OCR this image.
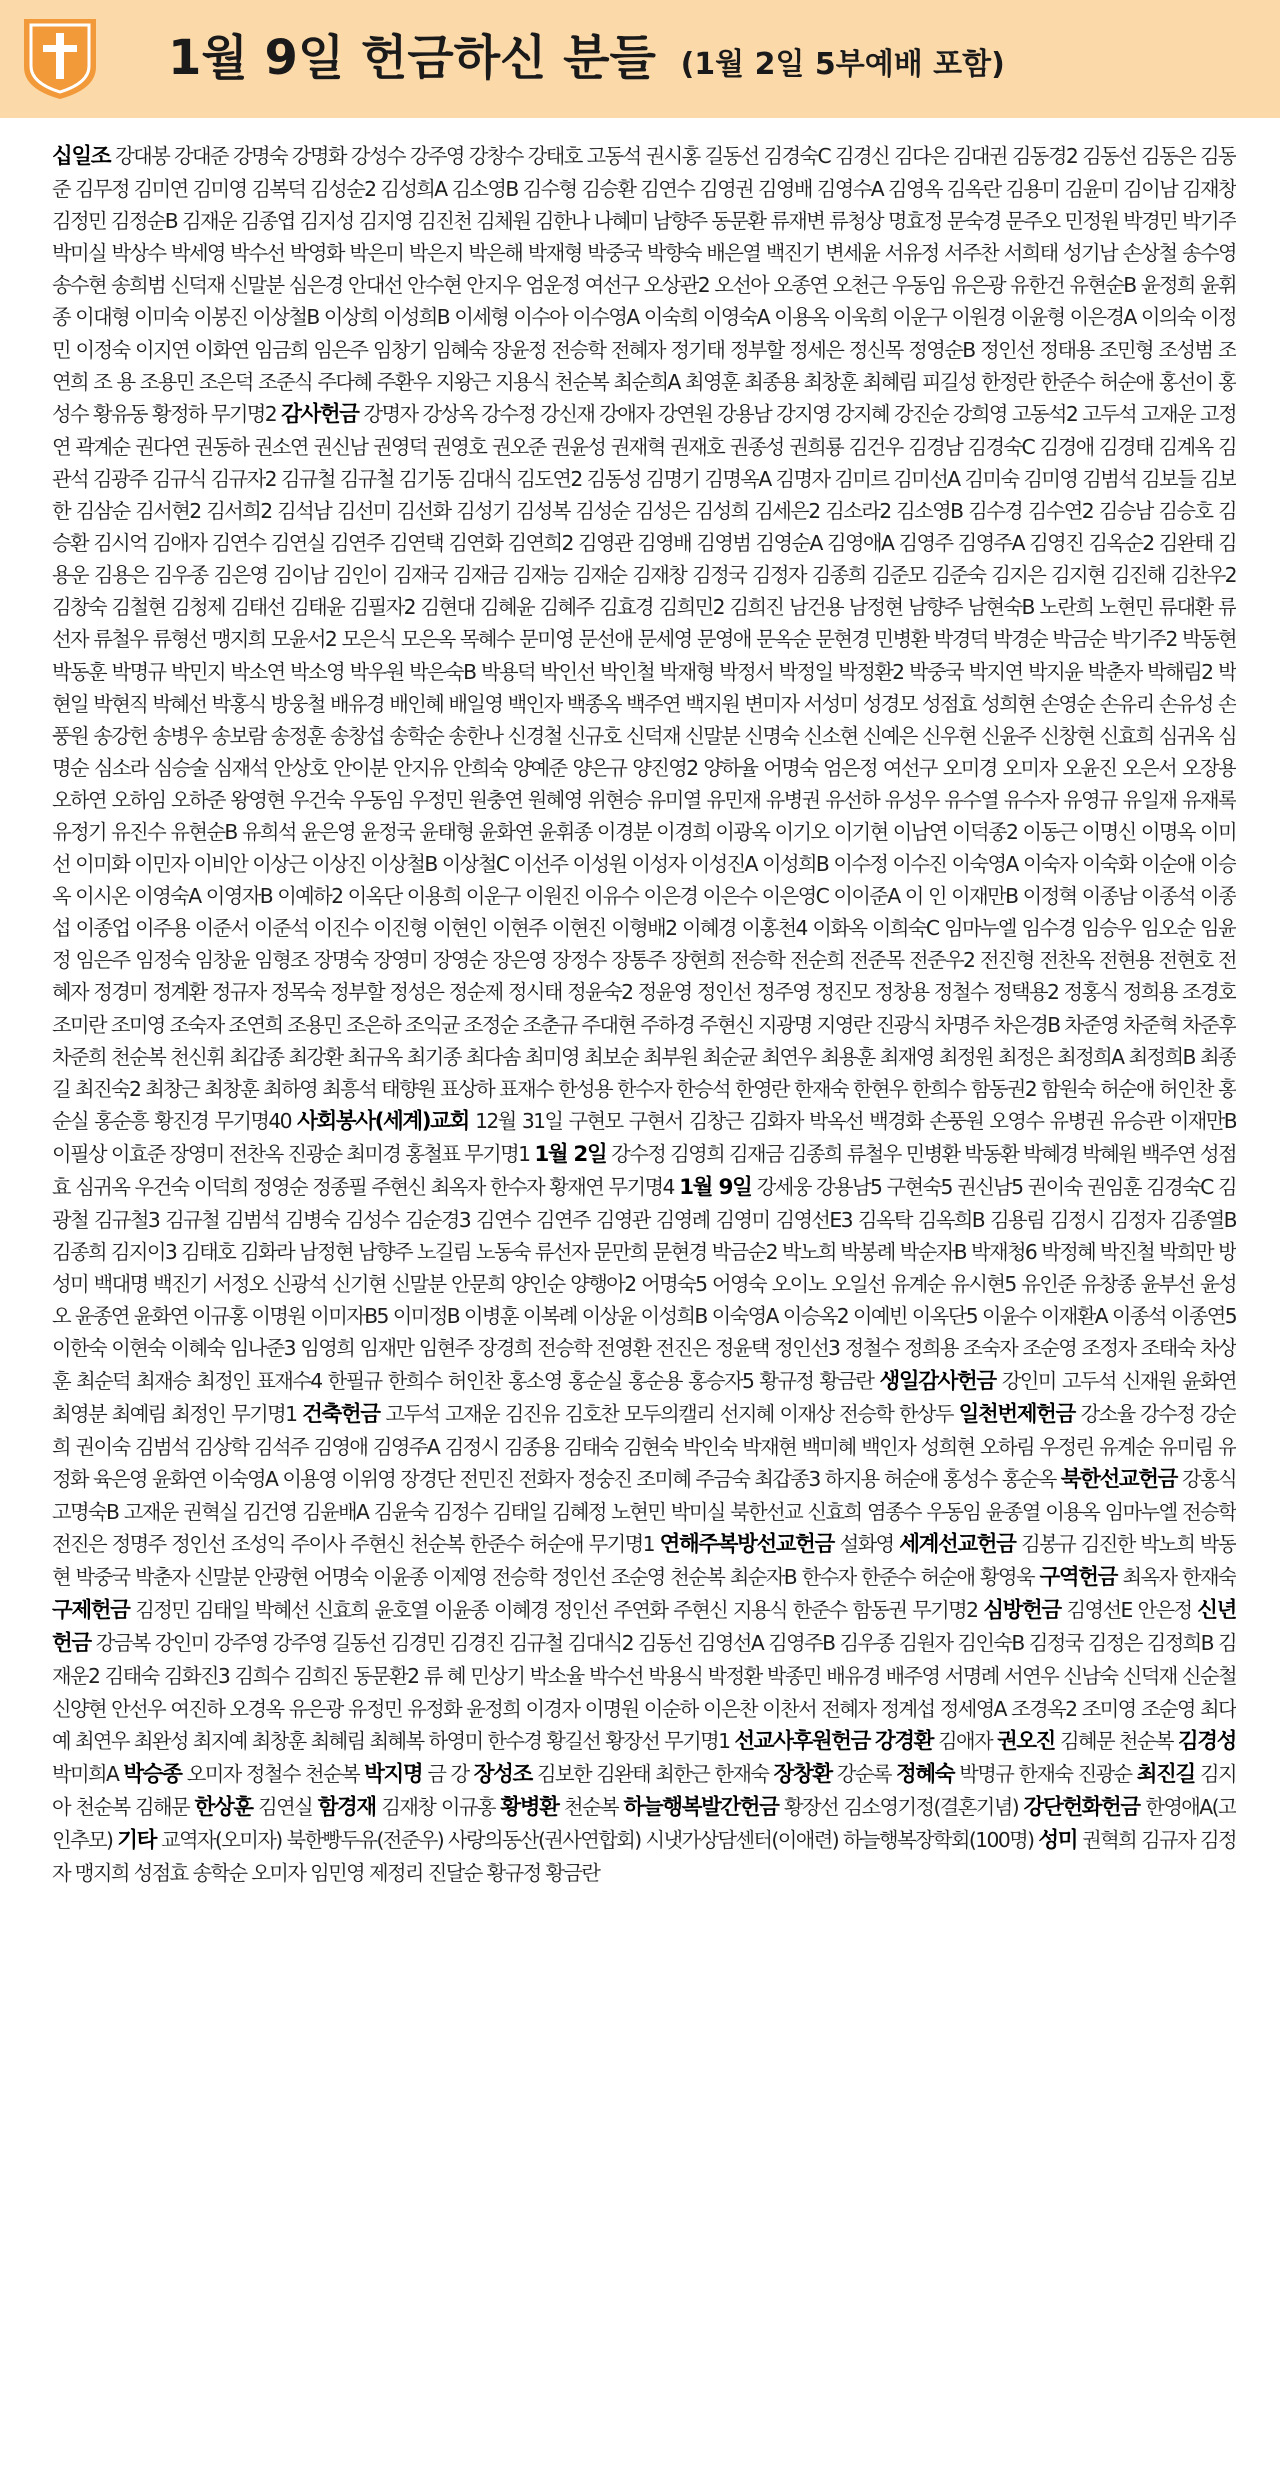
1월 9일 헌금하신 분들 (1월 2일 5부예배 포함)
십일조 강대봉 강대준 강명숙 강명화 강성수 강주영 강창수 강태호 고동석 권시홍 길동선 김경숙C 김경신 김다은 김대권 김동경2 김동선 김동은 김동준 김무정 김미연 김미영 김복덕 김성순2 김성희A 김소영B 김수형 김승환 김연수 김영권 김영배 김영수A 김영옥 김옥란 김용미 김윤미 김이남 김재창 김정민 김정순B 김재운 김종엽 김지성 김지영 김진천 김체원 김한나 나혜미 남향주 동문환 류재변 류청상 명효정 문숙경 문주오 민정원 박경민 박기주 박미실 박상수 박세영 박수선 박영화 박은미 박은지 박은해 박재형 박중국 박향숙 배은열 백진기 변세윤 서유정 서주찬 서희태 성기남 손상철 송수영 송수현 송희범 신덕재 신말분 심은경 안대선 안수현 안지우 엄운정 여선구 오상관2 오선아 오종연 오천근 우동임 유은광 유한건 유현순B 윤정희 윤휘종 이대형 이미숙 이봉진 이상철B 이상희 이성희B 이세형 이수아 이수영A 이숙희 이영숙A 이용옥 이욱희 이운구 이원경 이윤형 이은경A 이의숙 이정민 이정숙 이지연 이화연 임금희 임은주 임창기 임혜숙 장윤정 전승학 전혜자 정기태 정부할 정세은 정신목 정영순B 정인선 정태용 조민형 조성범 조연희 조 용 조용민 조은덕 조준식 주다혜 주환우 지왕근 지용식 천순복 최순희A 최영훈 최종용 최창훈 최혜림 피길성 한정란 한준수 허순애 홍선이 홍성수 황유동 황정하 무기명2 감사헌금 강명자 강상옥 강수정 강신재 강애자 강연원 강용남 강지영 강지혜 강진순 강희영 고동석2 고두석 고재운 고정연 곽계순 권다연 권동하 권소연 권신남 권영덕 권영호 권오준 권윤성 권재혁 권재호 권종성 권희룡 김건우 김경남 김경숙C 김경애 김경태 김계옥 김관석 김광주 김규식 김규자2 김규철 김규철 김기동 김대식 김도연2 김동성 김명기 김명옥A 김명자 김미르 김미선A 김미숙 김미영 김범석 김보들 김보한 김삼순 김서현2 김서희2 김석남 김선미 김선화 김성기 김성복 김성순 김성은 김성희 김세은2 김소라2 김소영B 김수경 김수연2 김승남 김승호 김승환 김시억 김애자 김연수 김연실 김연주 김연택 김연화 김연희2 김영관 김영배 김영범 김영순A 김영애A 김영주 김영주A 김영진 김옥순2 김완태 김용운 김용은 김우종 김은영 김이남 김인이 김재국 김재금 김재능 김재순 김재창 김정국 김정자 김종희 김준모 김준숙 김지은 김지현 김진해 김찬우2 김창숙 김철현 김청제 김태선 김태윤 김필자2 김현대 김혜윤 김혜주 김효경 김희민2 김희진 남건용 남정현 남향주 남현숙B 노란희 노현민 류대환 류선자 류철우 류형선 맹지희 모윤서2 모은식 모은옥 목혜수 문미영 문선애 문세영 문영애 문옥순 문현경 민병환 박경덕 박경순 박금순 박기주2 박동현 박동훈 박명규 박민지 박소연 박소영 박우원 박은숙B 박용덕 박인선 박인철 박재형 박정서 박정일 박정환2 박중국 박지연 박지윤 박춘자 박해림2 박현일 박현직 박혜선 박홍식 방웅철 배유경 배인혜 배일영 백인자 백종옥 백주연 백지원 변미자 서성미 성경모 성점효 성희현 손영순 손유리 손유성 손풍원 송강헌 송병우 송보람 송정훈 송창섭 송학순 송한나 신경철 신규호 신덕재 신말분 신명숙 신소현 신예은 신우현 신윤주 신창현 신효희 심귀옥 심명순 심소라 심승술 심재석 안상호 안이분 안지유 안희숙 양예준 양은규 양진영2 양하율 어명숙 엄은정 여선구 오미경 오미자 오윤진 오은서 오장용 오하연 오하임 오하준 왕영현 우건숙 우동임 우정민 원충연 원혜영 위현승 유미열 유민재 유병권 유선하 유성우 유수열 유수자 유영규 유일재 유재록 유정기 유진수 유현순B 유희석 윤은영 윤정국 윤태형 윤화연 윤휘종 이경분 이경희 이광옥 이기오 이기현 이남연 이덕종2 이동근 이명신 이명옥 이미선 이미화 이민자 이비안 이상근 이상진 이상철B 이상철C 이선주 이성원 이성자 이성진A 이성희B 이수정 이수진 이숙영A 이숙자 이숙화 이순애 이승옥 이시온 이영숙A 이영자B 이예하2 이옥단 이용희 이운구 이원진 이유수 이은경 이은수 이은영C 이이준A 이 인 이재만B 이정혁 이종남 이종석 이종섭 이종업 이주용 이준서 이준석 이진수 이진형 이현인 이현주 이현진 이형배2 이혜경 이홍천4 이화옥 이희숙C 임마누엘 임수경 임승우 임오순 임윤정 임은주 임정숙 임창윤 임형조 장명숙 장영미 장영순 장은영 장정수 장통주 장현희 전승학 전순희 전준목 전준우2 전진형 전찬옥 전현용 전현호 전혜자 정경미 정계환 정규자 정목숙 정부할 정성은 정순제 정시태 정윤숙2 정윤영 정인선 정주영 정진모 정창용 정철수 정택용2 정홍식 정희용 조경호 조미란 조미영 조숙자 조연희 조용민 조은하 조익균 조정순 조춘규 주대현 주하경 주현신 지광명 지영란 진광식 차명주 차은경B 차준영 차준혁 차준후 차준희 천순복 천신휘 최갑종 최강환 최규옥 최기종 최다솜 최미영 최보순 최부원 최순균 최연우 최용훈 최재영 최정원 최정은 최정희A 최정희B 최종길 최진숙2 최창근 최창훈 최하영 최흥석 태향원 표상하 표재수 한성용 한수자 한승석 한영란 한재숙 한현우 한희수 함동권2 함원숙 허순애 허인찬 홍순실 홍순흥 황진경 무기명40 사회봉사(세계)교회 12월 31일 구현모 구현서 김창근 김화자 박옥선 백경화 손풍원 오영수 유병권 유승관 이재만B 이필상 이효준 장영미 전찬옥 진광순 최미경 홍철표 무기명1 1월 2일 강수정 김영희 김재금 김종희 류철우 민병환 박동환 박혜경 박혜원 백주연 성점효 심귀옥 우건숙 이덕희 정영순 정종필 주현신 최옥자 한수자 황재연 무기명4 1월 9일 강세웅 강용남5 구현숙5 권신남5 권이숙 권임훈 김경숙C 김광철 김규철3 김규철 김범석 김병숙 김성수 김순경3 김연수 김연주 김영관 김영례 김영미 김영선E3 김옥탁 김옥희B 김용림 김정시 김정자 김종열B 김종희 김지이3 김태호 김화라 남정현 남향주 노길림 노동숙 류선자 문만희 문현경 박금순2 박노희 박봉례 박순자B 박재청6 박정혜 박진철 박희만 방성미 백대명 백진기 서정오 신광석 신기현 신말분 안문희 양인순 양행아2 어명숙5 어영숙 오이노 오일선 유계순 유시현5 유인준 유창종 윤부선 윤성오 윤종연 윤화연 이규홍 이명원 이미자B5 이미정B 이병훈 이복례 이상윤 이성희B 이숙영A 이승옥2 이예빈 이옥단5 이윤수 이재환A 이종석 이종연5 이한숙 이현숙 이혜숙 임나준3 임영희 임재만 임현주 장경희 전승학 전영환 전진은 정윤택 정인선3 정철수 정희용 조숙자 조순영 조정자 조태숙 차상훈 최순덕 최재승 최정인 표재수4 한필규 한희수 허인찬 홍소영 홍순실 홍순용 홍승자5 황규정 황금란 생일감사헌금 강인미 고두석 신재원 윤화연 최영분 최예림 최정인 무기명1 건축헌금 고두석 고재운 김진유 김호찬 모두의캘리 선지혜 이재상 전승학 한상두 일천번제헌금 강소율 강수정 강순희 권이숙 김범석 김상학 김석주 김영애 김영주A 김정시 김종용 김태숙 김현숙 박인숙 박재현 백미혜 백인자 성희현 오하림 우정린 유계순 유미림 유정화 육은영 윤화연 이숙영A 이용영 이위영 장경단 전민진 전화자 정숭진 조미혜 주금숙 최갑종3 하지용 허순애 홍성수 홍순옥 북한선교헌금 강홍식 고명숙B 고재운 권혁실 김건영 김윤배A 김윤숙 김정수 김태일 김혜정 노현민 박미실 북한선교 신효희 염종수 우동임 윤종열 이용옥 임마누엘 전승학 전진은 정명주 정인선 조성익 주이사 주현신 천순복 한준수 허순애 무기명1 연해주복방선교헌금 설화영 세계선교헌금 김봉규 김진한 박노희 박동현 박중국 박춘자 신말분 안광현 어명숙 이윤종 이제영 전승학 정인선 조순영 천순복 최순자B 한수자 한준수 허순애 황영욱 구역헌금 최옥자 한재숙 구제헌금 김정민 김태일 박혜선 신효희 윤호열 이윤종 이혜경 정인선 주연화 주현신 지용식 한준수 함동권 무기명2 심방헌금 김영선E 안은정 신년헌금 강금복 강인미 강주영 강주영 길동선 김경민 김경진 김규철 김대식2 김동선 김영선A 김영주B 김우종 김원자 김인숙B 김정국 김정은 김정희B 김재운2 김태숙 김화진3 김희수 김희진 동문환2 류 혜 민상기 박소율 박수선 박용식 박정환 박종민 배유경 배주영 서명례 서연우 신남숙 신덕재 신순철 신양현 안선우 여진하 오경옥 유은광 유정민 유정화 윤정희 이경자 이명원 이순하 이은찬 이찬서 전혜자 정계섭 정세영A 조경옥2 조미영 조순영 최다예 최연우 최완성 최지예 최창훈 최혜림 최혜복 하영미 한수경 황길선 황장선 무기명1 선교사후원헌금 강경환 김애자 권오진 김혜문 천순복 김경성 박미희A 박승종 오미자 정철수 천순복 박지명 금 강 장성조 김보한 김완태 최한근 한재숙 장창환 강순록 정혜숙 박명규 한재숙 진광순 최진길 김지아 천순복 김해문 한상훈 김연실 함경재 김재창 이규홍 황병환 천순복 하늘행복발간헌금 황장선 김소영기정(결혼기념) 강단헌화헌금 한영애A(고인추모) 기타 교역자(오미자) 북한빵두유(전준우) 사랑의동산(권사연합회) 시냇가상담센터(이애련) 하늘행복장학회(100명) 성미 권혁희 김규자 김정자 맹지희 성점효 송학순 오미자 임민영 제정리 진달순 황규정 황금란
